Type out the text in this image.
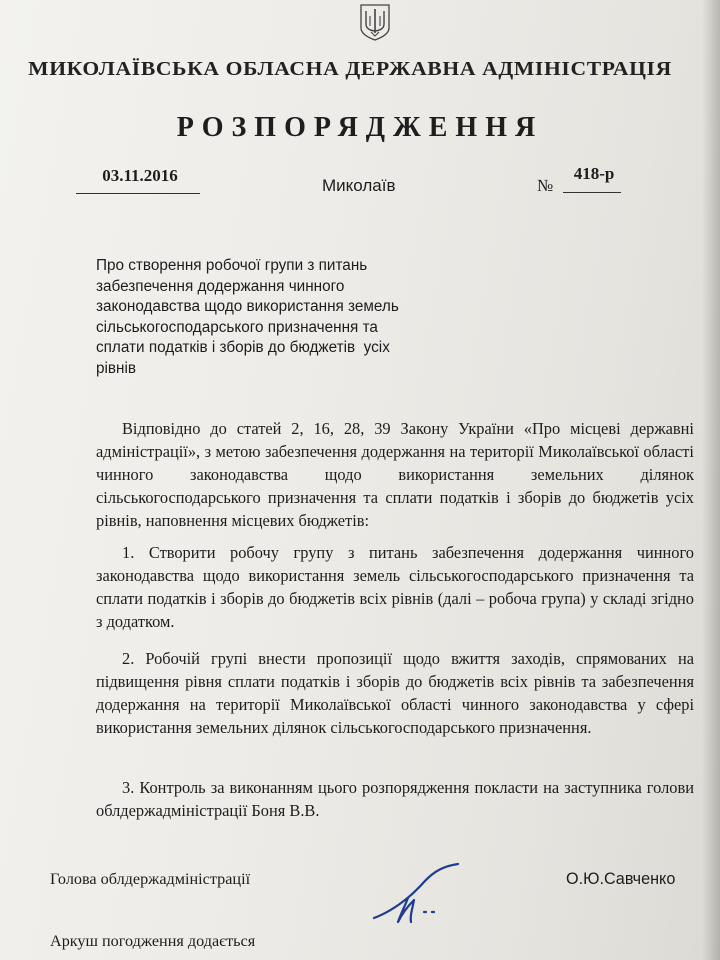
МИКОЛАЇВСЬКА ОБЛАСНА ДЕРЖАВНА АДМІНІСТРАЦІЯ
РОЗПОРЯДЖЕННЯ
03.11.2016
Миколаїв	№
418-р
Про створення робочої групи з питань
забезпечення додержання чинного
законодавства щодо використання земель
сільськогосподарського призначення та
сплати податків і зборів до бюджетів  усіх
рівнів

Відповідно до статей 2, 16, 28, 39 Закону України «Про місцеві державні адміністрації», з метою забезпечення додержання на території Миколаївської області чинного законодавства щодо використання земельних ділянок сільськогосподарського призначення та сплати податків і зборів до бюджетів усіх рівнів, наповнення місцевих бюджетів:

1. Створити робочу групу з питань забезпечення додержання чинного законодавства щодо використання земель сільськогосподарського призначення та сплати податків і зборів до бюджетів всіх рівнів (далі – робоча група) у складі згідно з додатком.

2. Робочій групі внести пропозиції щодо вжиття заходів, спрямованих на підвищення рівня сплати податків і зборів до бюджетів всіх рівнів та забезпечення додержання на території Миколаївської області чинного законодавства у сфері використання земельних ділянок сільськогосподарського призначення.

3. Контроль за виконанням цього розпорядження покласти на заступника голови облдержадміністрації Боня В.В.

Голова облдержадміністрації	О.Ю.Савченко
Аркуш погодження додається
